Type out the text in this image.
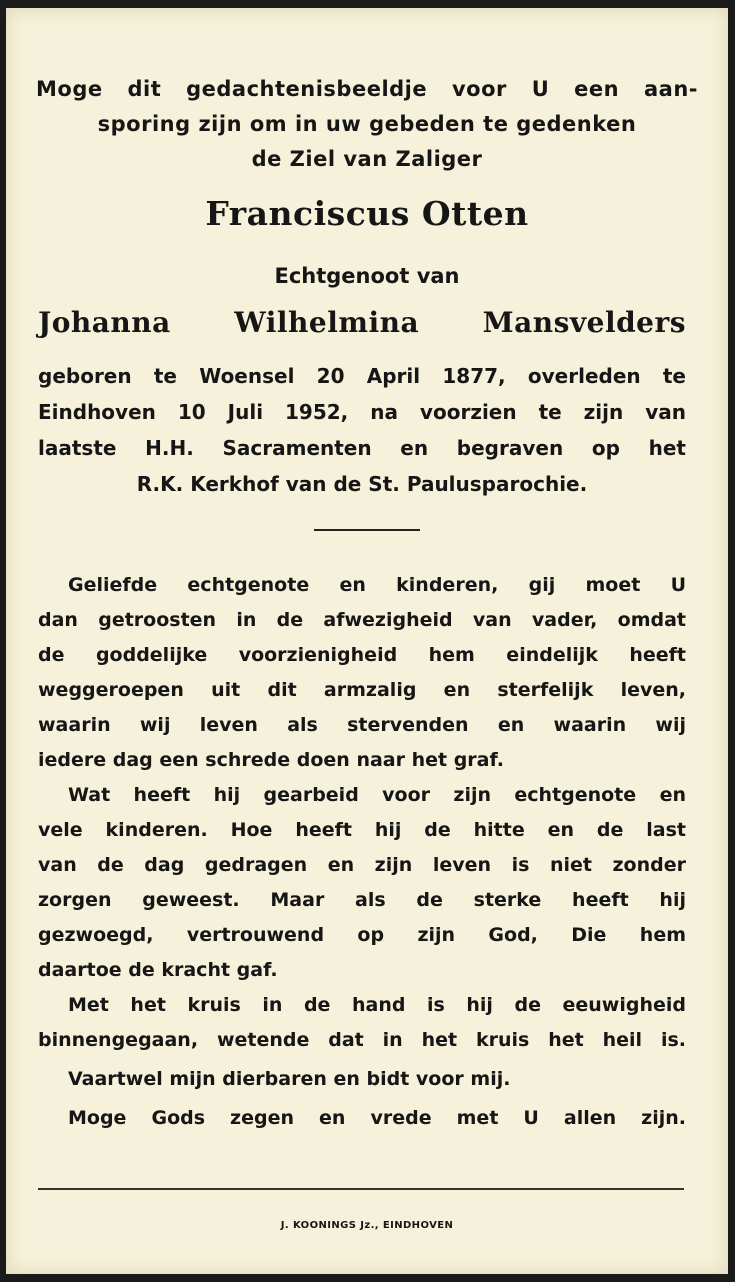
Moge dit gedachtenisbeeldje voor U een aan-
sporing zijn om in uw gebeden te gedenken
de Ziel van Zaliger
Franciscus Otten
Echtgenoot van
Johanna Wilhelmina Mansvelders
geboren te Woensel 20 April 1877, overleden te
Eindhoven 10 Juli 1952, na voorzien te zijn van
laatste H.H. Sacramenten en begraven op het
R.K. Kerkhof van de St. Paulusparochie.
Geliefde echtgenote en kinderen, gij moet U
dan getroosten in de afwezigheid van vader, omdat
de goddelijke voorzienigheid hem eindelijk heeft
weggeroepen uit dit armzalig en sterfelijk leven,
waarin wij leven als stervenden en waarin wij
iedere dag een schrede doen naar het graf.
Wat heeft hij gearbeid voor zijn echtgenote en
vele kinderen. Hoe heeft hij de hitte en de last
van de dag gedragen en zijn leven is niet zonder
zorgen geweest. Maar als de sterke heeft hij
gezwoegd, vertrouwend op zijn God, Die hem
daartoe de kracht gaf.
Met het kruis in de hand is hij de eeuwigheid
binnengegaan, wetende dat in het kruis het heil is.
Vaartwel mijn dierbaren en bidt voor mij.
Moge Gods zegen en vrede met U allen zijn.
J. KOONINGS Jz., EINDHOVEN
